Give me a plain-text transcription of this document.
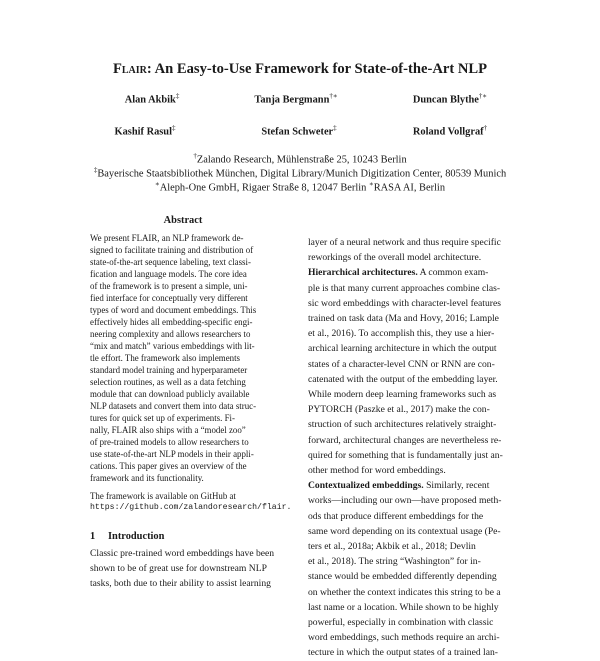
Flair: An Easy-to-Use Framework for State-of-the-Art NLP
Alan Akbik‡	Tanja Bergmann†∗	Duncan Blythe†∗
Kashif Rasul‡	Stefan Schweter‡	Roland Vollgraf†
†Zalando Research, Mühlenstraße 25, 10243 Berlin
‡Bayerische Staatsbibliothek München, Digital Library/Munich Digitization Center, 80539 Munich
∗Aleph-One GmbH, Rigaer Straße 8, 12047 Berlin ∗RASA AI, Berlin
Abstract

We present FLAIR, an NLP framework de-

signed to facilitate training and distribution of

state-of-the-art sequence labeling, text classi-

fication and language models. The core idea

of the framework is to present a simple, uni-

fied interface for conceptually very different

types of word and document embeddings. This

effectively hides all embedding-specific engi-

neering complexity and allows researchers to

“mix and match” various embeddings with lit-

tle effort. The framework also implements

standard model training and hyperparameter

selection routines, as well as a data fetching

module that can download publicly available

NLP datasets and convert them into data struc-

tures for quick set up of experiments. Fi-

nally, FLAIR also ships with a “model zoo”

of pre-trained models to allow researchers to

use state-of-the-art NLP models in their appli-

cations. This paper gives an overview of the

framework and its functionality.

The framework is available on GitHub at

https://github.com/zalandoresearch/flair.

1 Introduction

Classic pre-trained word embeddings have been

shown to be of great use for downstream NLP

tasks, both due to their ability to assist learning

layer of a neural network and thus require specific

reworkings of the overall model architecture.

Hierarchical architectures. A common exam-

ple is that many current approaches combine clas-

sic word embeddings with character-level features

trained on task data (Ma and Hovy, 2016; Lample

et al., 2016). To accomplish this, they use a hier-

archical learning architecture in which the output

states of a character-level CNN or RNN are con-

catenated with the output of the embedding layer.

While modern deep learning frameworks such as

PYTORCH (Paszke et al., 2017) make the con-

struction of such architectures relatively straight-

forward, architectural changes are nevertheless re-

quired for something that is fundamentally just an-

other method for word embeddings.

Contextualized embeddings. Similarly, recent

works—including our own—have proposed meth-

ods that produce different embeddings for the

same word depending on its contextual usage (Pe-

ters et al., 2018a; Akbik et al., 2018; Devlin

et al., 2018). The string “Washington” for in-

stance would be embedded differently depending

on whether the context indicates this string to be a

last name or a location. While shown to be highly

powerful, especially in combination with classic

word embeddings, such methods require an archi-

tecture in which the output states of a trained lan-
